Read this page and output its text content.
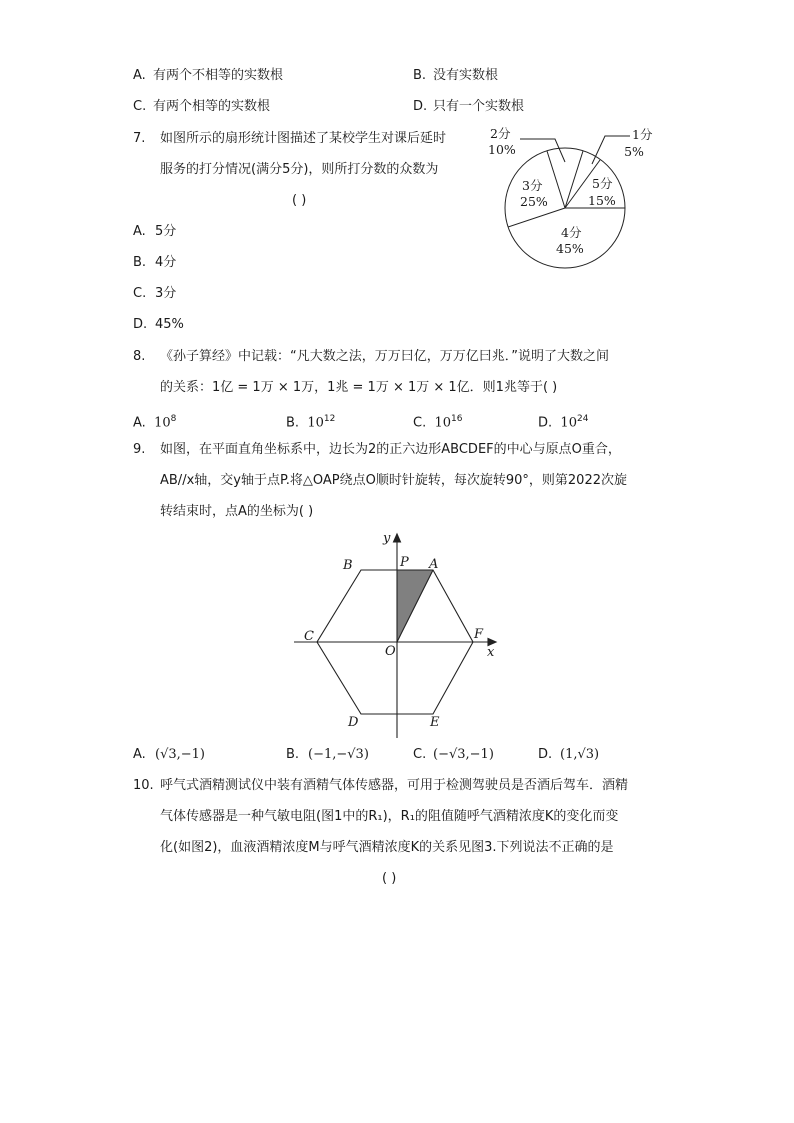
A. 有两个不相等的实数根	B. 没有实数根
C. 有两个相等的实数根	D. 只有一个实数根
7. 如图所示的扇形统计图描述了某校学生对课后延时
服务的打分情况(满分5分)，则所打分数的众数为
( )
A. 5分
B. 4分
C. 3分
D. 45%
2分
10%
1分
5%
3分
25%
5分
15%
4分
45%
8. 《孙子算经》中记载：“凡大数之法，万万曰亿，万万亿曰兆．”说明了大数之间
的关系：1亿 = 1万 × 1万，1兆 = 1万 × 1万 × 1亿．则1兆等于( )
A. $10^8$	B. $10^{12}$	C. $10^{16}$	D. $10^{24}$
9. 如图，在平面直角坐标系中，边长为2的正六边形ABCDEF的中心与原点O重合，
AB//x轴，交y轴于点P.将△OAP绕点O顺时针旋转，每次旋转90°，则第2022次旋
转结束时，点A的坐标为( )
B	P A
C	F
O	x
y
D	E
A. (√3,−1)	B. (−1,−√3)	C. (−√3,−1)	D. (1,√3)
10. 呼气式酒精测试仪中装有酒精气体传感器，可用于检测驾驶员是否酒后驾车．酒精
气体传感器是一种气敏电阻(图1中的R₁)，R₁的阻值随呼气酒精浓度K的变化而变
化(如图2)，血液酒精浓度M与呼气酒精浓度K的关系见图3.下列说法不正确的是
( )
